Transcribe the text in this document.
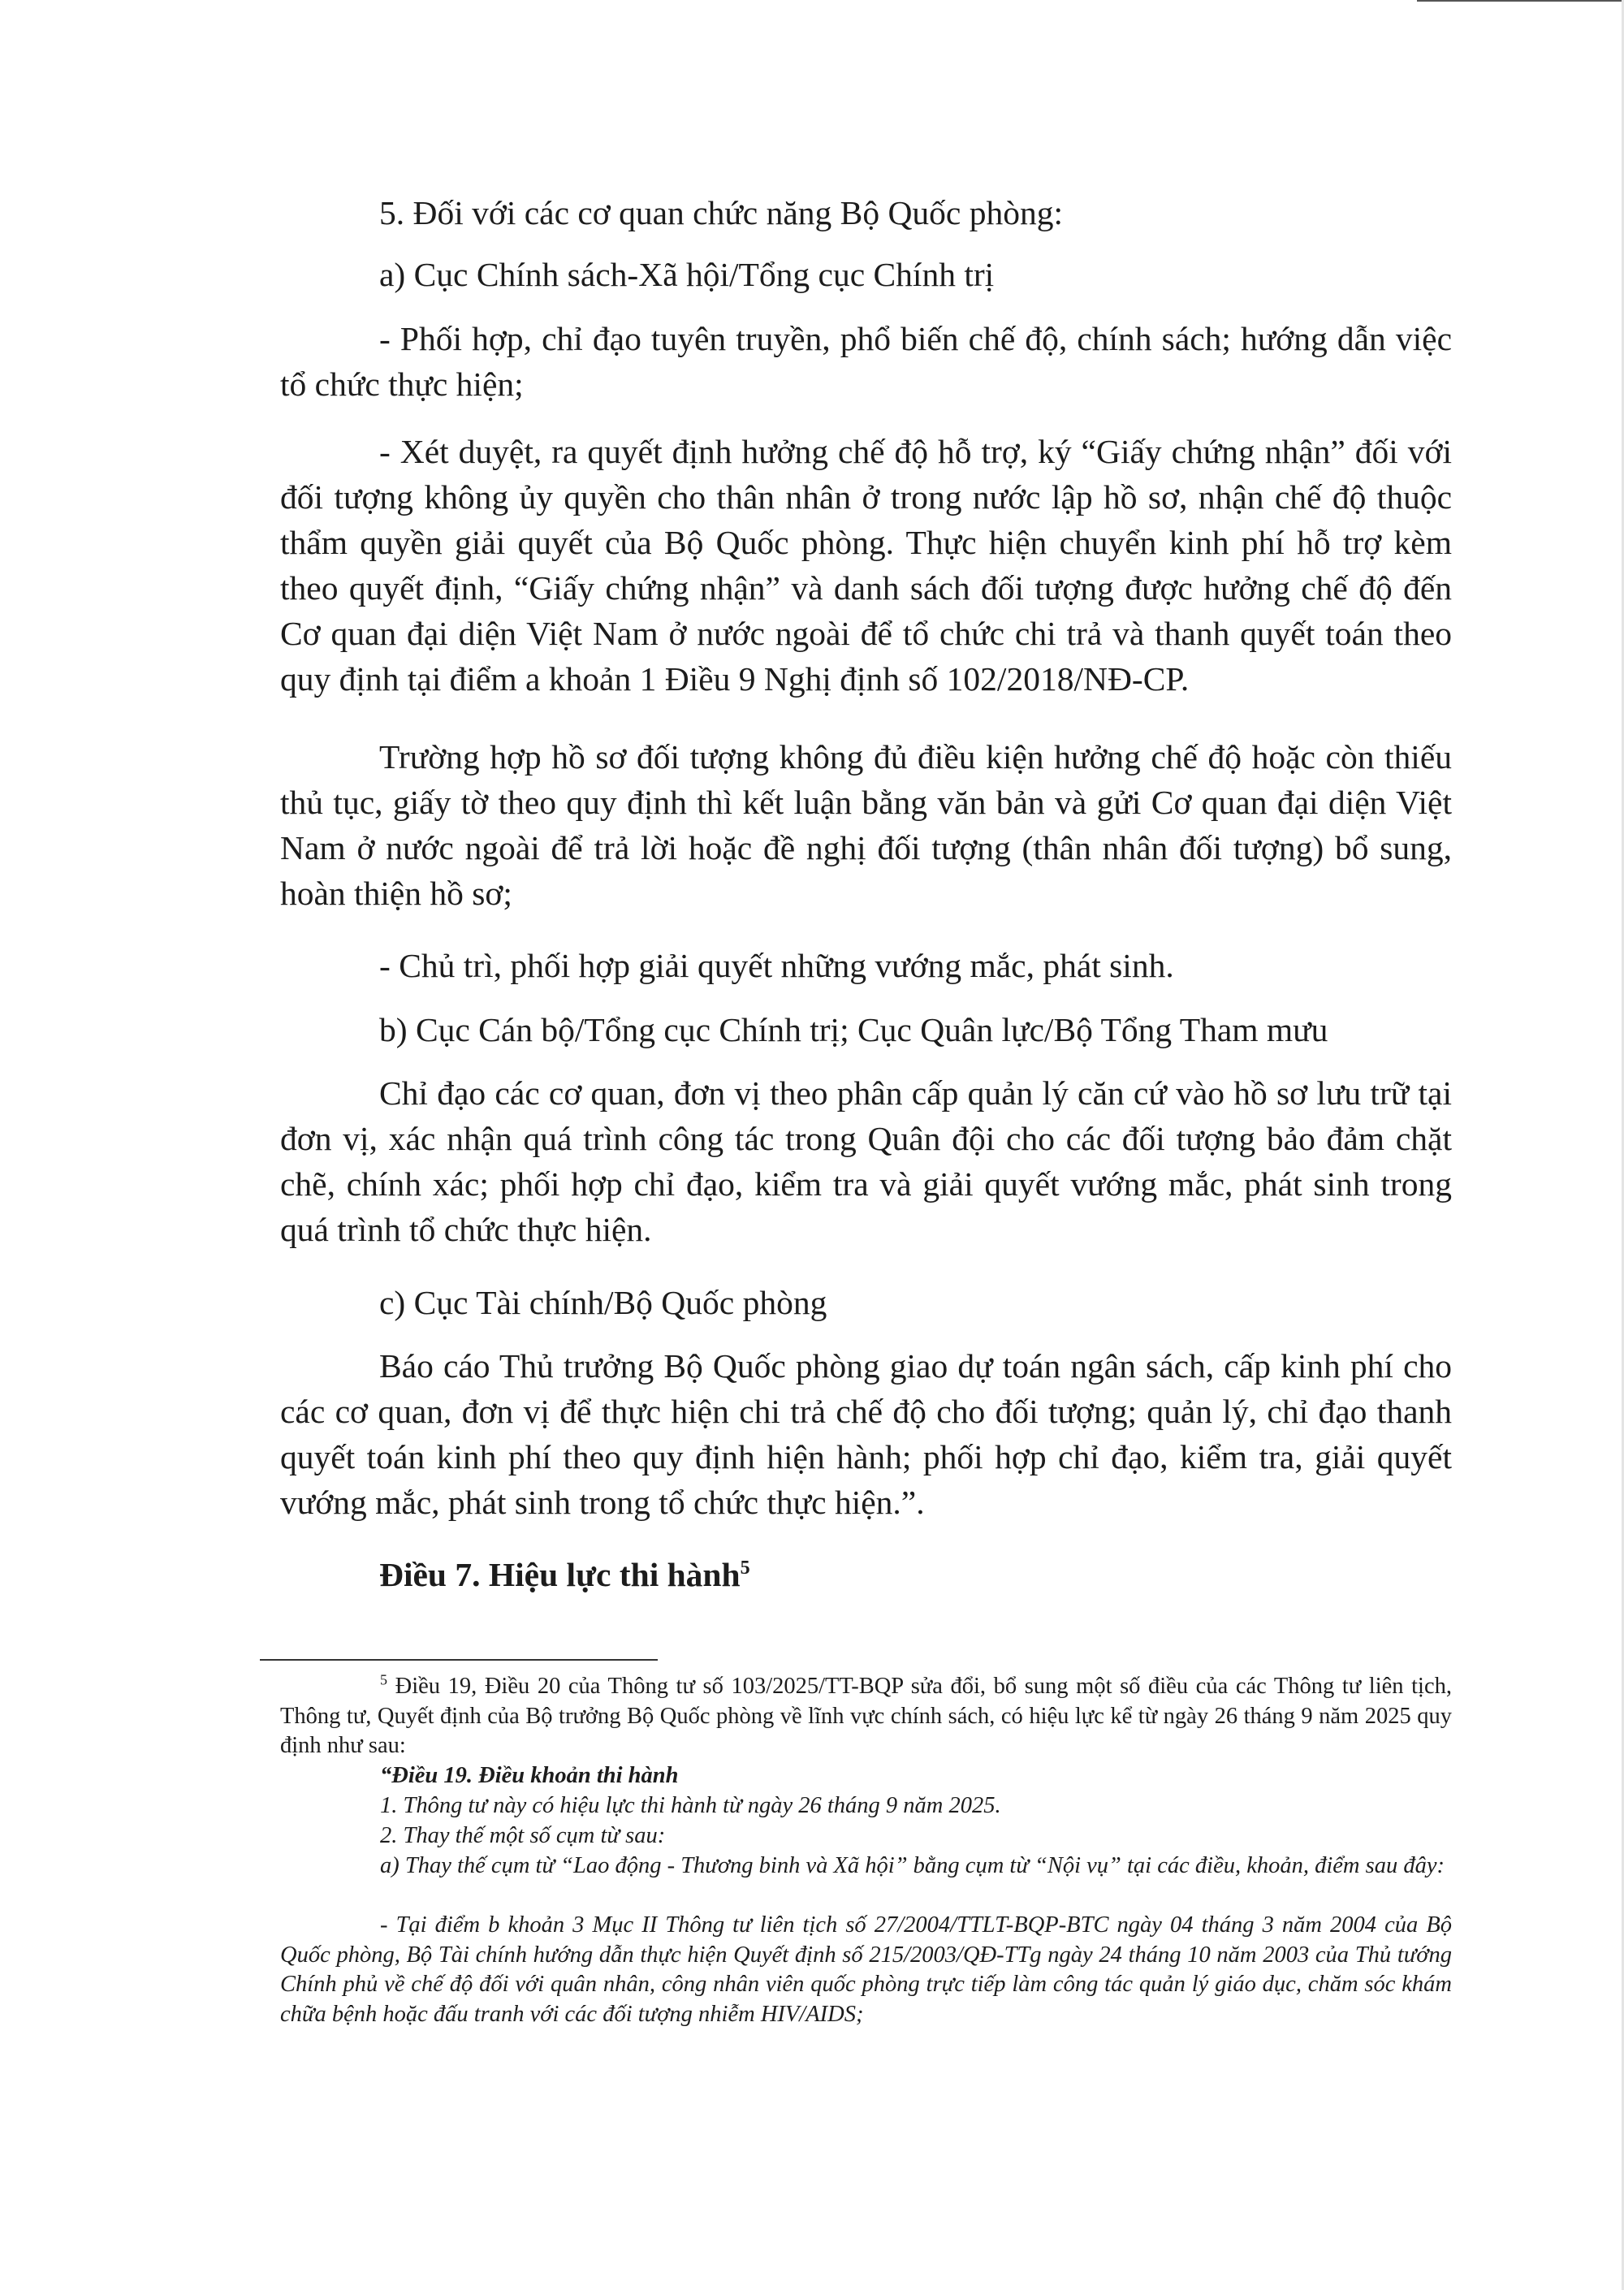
5. Đối với các cơ quan chức năng Bộ Quốc phòng:

a) Cục Chính sách-Xã hội/Tổng cục Chính trị

- Phối hợp, chỉ đạo tuyên truyền, phổ biến chế độ, chính sách; hướng dẫn việc tổ chức thực hiện;

- Xét duyệt, ra quyết định hưởng chế độ hỗ trợ, ký “Giấy chứng nhận” đối với đối tượng không ủy quyền cho thân nhân ở trong nước lập hồ sơ, nhận chế độ thuộc thẩm quyền giải quyết của Bộ Quốc phòng. Thực hiện chuyển kinh phí hỗ trợ kèm theo quyết định, “Giấy chứng nhận” và danh sách đối tượng được hưởng chế độ đến Cơ quan đại diện Việt Nam ở nước ngoài để tổ chức chi trả và thanh quyết toán theo quy định tại điểm a khoản 1 Điều 9 Nghị định số 102/2018/NĐ-CP.

Trường hợp hồ sơ đối tượng không đủ điều kiện hưởng chế độ hoặc còn thiếu thủ tục, giấy tờ theo quy định thì kết luận bằng văn bản và gửi Cơ quan đại diện Việt Nam ở nước ngoài để trả lời hoặc đề nghị đối tượng (thân nhân đối tượng) bổ sung, hoàn thiện hồ sơ;

- Chủ trì, phối hợp giải quyết những vướng mắc, phát sinh.

b) Cục Cán bộ/Tổng cục Chính trị; Cục Quân lực/Bộ Tổng Tham mưu

Chỉ đạo các cơ quan, đơn vị theo phân cấp quản lý căn cứ vào hồ sơ lưu trữ tại đơn vị, xác nhận quá trình công tác trong Quân đội cho các đối tượng bảo đảm chặt chẽ, chính xác; phối hợp chỉ đạo, kiểm tra và giải quyết vướng mắc, phát sinh trong quá trình tổ chức thực hiện.

c) Cục Tài chính/Bộ Quốc phòng

Báo cáo Thủ trưởng Bộ Quốc phòng giao dự toán ngân sách, cấp kinh phí cho các cơ quan, đơn vị để thực hiện chi trả chế độ cho đối tượng; quản lý, chỉ đạo thanh quyết toán kinh phí theo quy định hiện hành; phối hợp chỉ đạo, kiểm tra, giải quyết vướng mắc, phát sinh trong tổ chức thực hiện.”.

Điều 7. Hiệu lực thi hành$^5$

$^5$ Điều 19, Điều 20 của Thông tư số 103/2025/TT-BQP sửa đổi, bổ sung một số điều của các Thông tư liên tịch, Thông tư, Quyết định của Bộ trưởng Bộ Quốc phòng về lĩnh vực chính sách, có hiệu lực kể từ ngày 26 tháng 9 năm 2025 quy định như sau:

“Điều 19. Điều khoản thi hành

1. Thông tư này có hiệu lực thi hành từ ngày 26 tháng 9 năm 2025.

2. Thay thế một số cụm từ sau:

a) Thay thế cụm từ “Lao động - Thương binh và Xã hội” bằng cụm từ “Nội vụ” tại các điều, khoản, điểm sau đây:

- Tại điểm b khoản 3 Mục II Thông tư liên tịch số 27/2004/TTLT-BQP-BTC ngày 04 tháng 3 năm 2004 của Bộ Quốc phòng, Bộ Tài chính hướng dẫn thực hiện Quyết định số 215/2003/QĐ-TTg ngày 24 tháng 10 năm 2003 của Thủ tướng Chính phủ về chế độ đối với quân nhân, công nhân viên quốc phòng trực tiếp làm công tác quản lý giáo dục, chăm sóc khám chữa bệnh hoặc đấu tranh với các đối tượng nhiễm HIV/AIDS;
